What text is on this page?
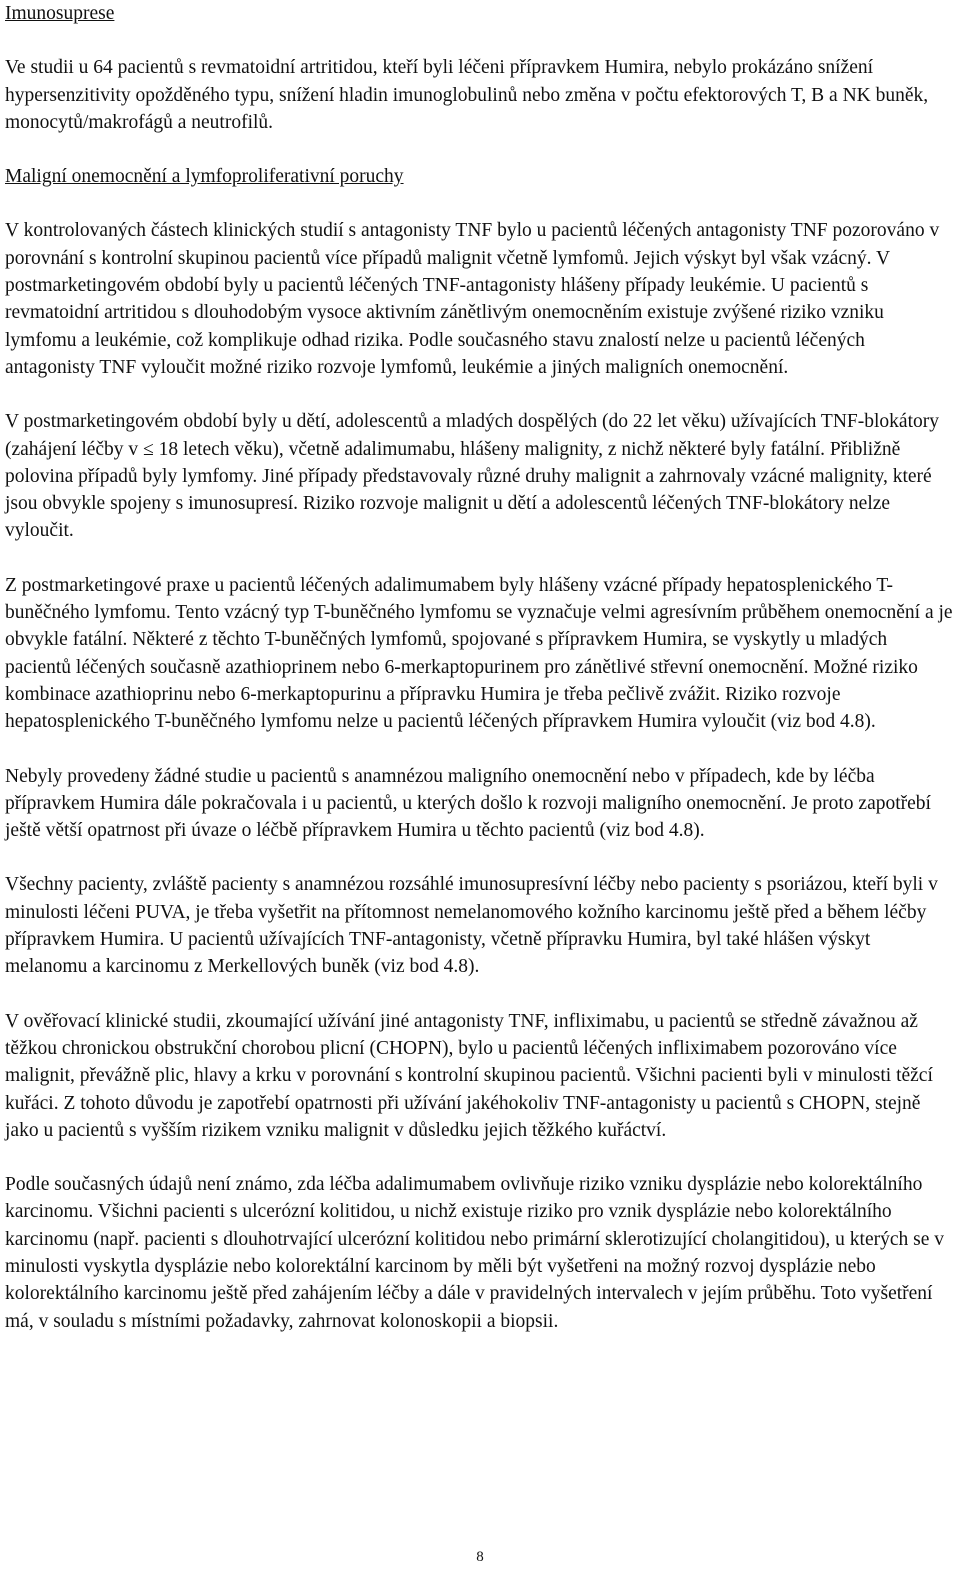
Imunosuprese

Ve studii u 64 pacientů s revmatoidní artritidou, kteří byli léčeni přípravkem Humira, nebylo prokázáno snížení hypersenzitivity opožděného typu, snížení hladin imunoglobulinů nebo změna v počtu efektorových T, B a NK buněk, monocytů/makrofágů a neutrofilů.

Maligní onemocnění a lymfoproliferativní poruchy

V kontrolovaných částech klinických studií s antagonisty TNF bylo u pacientů léčených antagonisty TNF pozorováno v porovnání s kontrolní skupinou pacientů více případů malignit včetně lymfomů. Jejich výskyt byl však vzácný. V postmarketingovém období byly u pacientů léčených TNF-antagonisty hlášeny případy leukémie. U pacientů s revmatoidní artritidou s dlouhodobým vysoce aktivním zánětlivým onemocněním existuje zvýšené riziko vzniku lymfomu a leukémie, což komplikuje odhad rizika. Podle současného stavu znalostí nelze u pacientů léčených antagonisty TNF vyloučit možné riziko rozvoje lymfomů, leukémie a jiných maligních onemocnění.

V postmarketingovém období byly u dětí, adolescentů a mladých dospělých (do 22 let věku) užívajících TNF-blokátory (zahájení léčby v ≤ 18 letech věku), včetně adalimumabu, hlášeny malignity, z nichž některé byly fatální. Přibližně polovina případů byly lymfomy. Jiné případy představovaly různé druhy malignit a zahrnovaly vzácné malignity, které jsou obvykle spojeny s imunosupresí. Riziko rozvoje malignit u dětí a adolescentů léčených TNF-blokátory nelze vyloučit.

Z postmarketingové praxe u pacientů léčených adalimumabem byly hlášeny vzácné případy hepatosplenického T-buněčného lymfomu. Tento vzácný typ T-buněčného lymfomu se vyznačuje velmi agresívním průběhem onemocnění a je obvykle fatální. Některé z těchto T-buněčných lymfomů, spojované s přípravkem Humira, se vyskytly u mladých pacientů léčených současně azathioprinem nebo 6-merkaptopurinem pro zánětlivé střevní onemocnění. Možné riziko kombinace azathioprinu nebo 6-merkaptopurinu a přípravku Humira je třeba pečlivě zvážit. Riziko rozvoje hepatosplenického T-buněčného lymfomu nelze u pacientů léčených přípravkem Humira vyloučit (viz bod 4.8).

Nebyly provedeny žádné studie u pacientů s anamnézou maligního onemocnění nebo v případech, kde by léčba přípravkem Humira dále pokračovala i u pacientů, u kterých došlo k rozvoji maligního onemocnění. Je proto zapotřebí ještě větší opatrnost při úvaze o léčbě přípravkem Humira u těchto pacientů (viz bod 4.8).

Všechny pacienty, zvláště pacienty s anamnézou rozsáhlé imunosupresívní léčby nebo pacienty s psoriázou, kteří byli v minulosti léčeni PUVA, je třeba vyšetřit na přítomnost nemelanomového kožního karcinomu ještě před a během léčby přípravkem Humira. U pacientů užívajících TNF-antagonisty, včetně přípravku Humira, byl také hlášen výskyt melanomu a karcinomu z Merkellových buněk (viz bod 4.8).

V ověřovací klinické studii, zkoumající užívání jiné antagonisty TNF, infliximabu, u pacientů se středně závažnou až těžkou chronickou obstrukční chorobou plicní (CHOPN), bylo u pacientů léčených infliximabem pozorováno více malignit, převážně plic, hlavy a krku v porovnání s kontrolní skupinou pacientů. Všichni pacienti byli v minulosti těžcí kuřáci. Z tohoto důvodu je zapotřebí opatrnosti při užívání jakéhokoliv TNF-antagonisty u pacientů s CHOPN, stejně jako u pacientů s vyšším rizikem vzniku malignit v důsledku jejich těžkého kuřáctví.

Podle současných údajů není známo, zda léčba adalimumabem ovlivňuje riziko vzniku dysplázie nebo kolorektálního karcinomu. Všichni pacienti s ulcerózní kolitidou, u nichž existuje riziko pro vznik dysplázie nebo kolorektálního karcinomu (např. pacienti s dlouhotrvající ulcerózní kolitidou nebo primární sklerotizující cholangitidou), u kterých se v minulosti vyskytla dysplázie nebo kolorektální karcinom by měli být vyšetřeni na možný rozvoj dysplázie nebo kolorektálního karcinomu ještě před zahájením léčby a dále v pravidelných intervalech v jejím průběhu. Toto vyšetření má, v souladu s místními požadavky, zahrnovat kolonoskopii a biopsii.

8
